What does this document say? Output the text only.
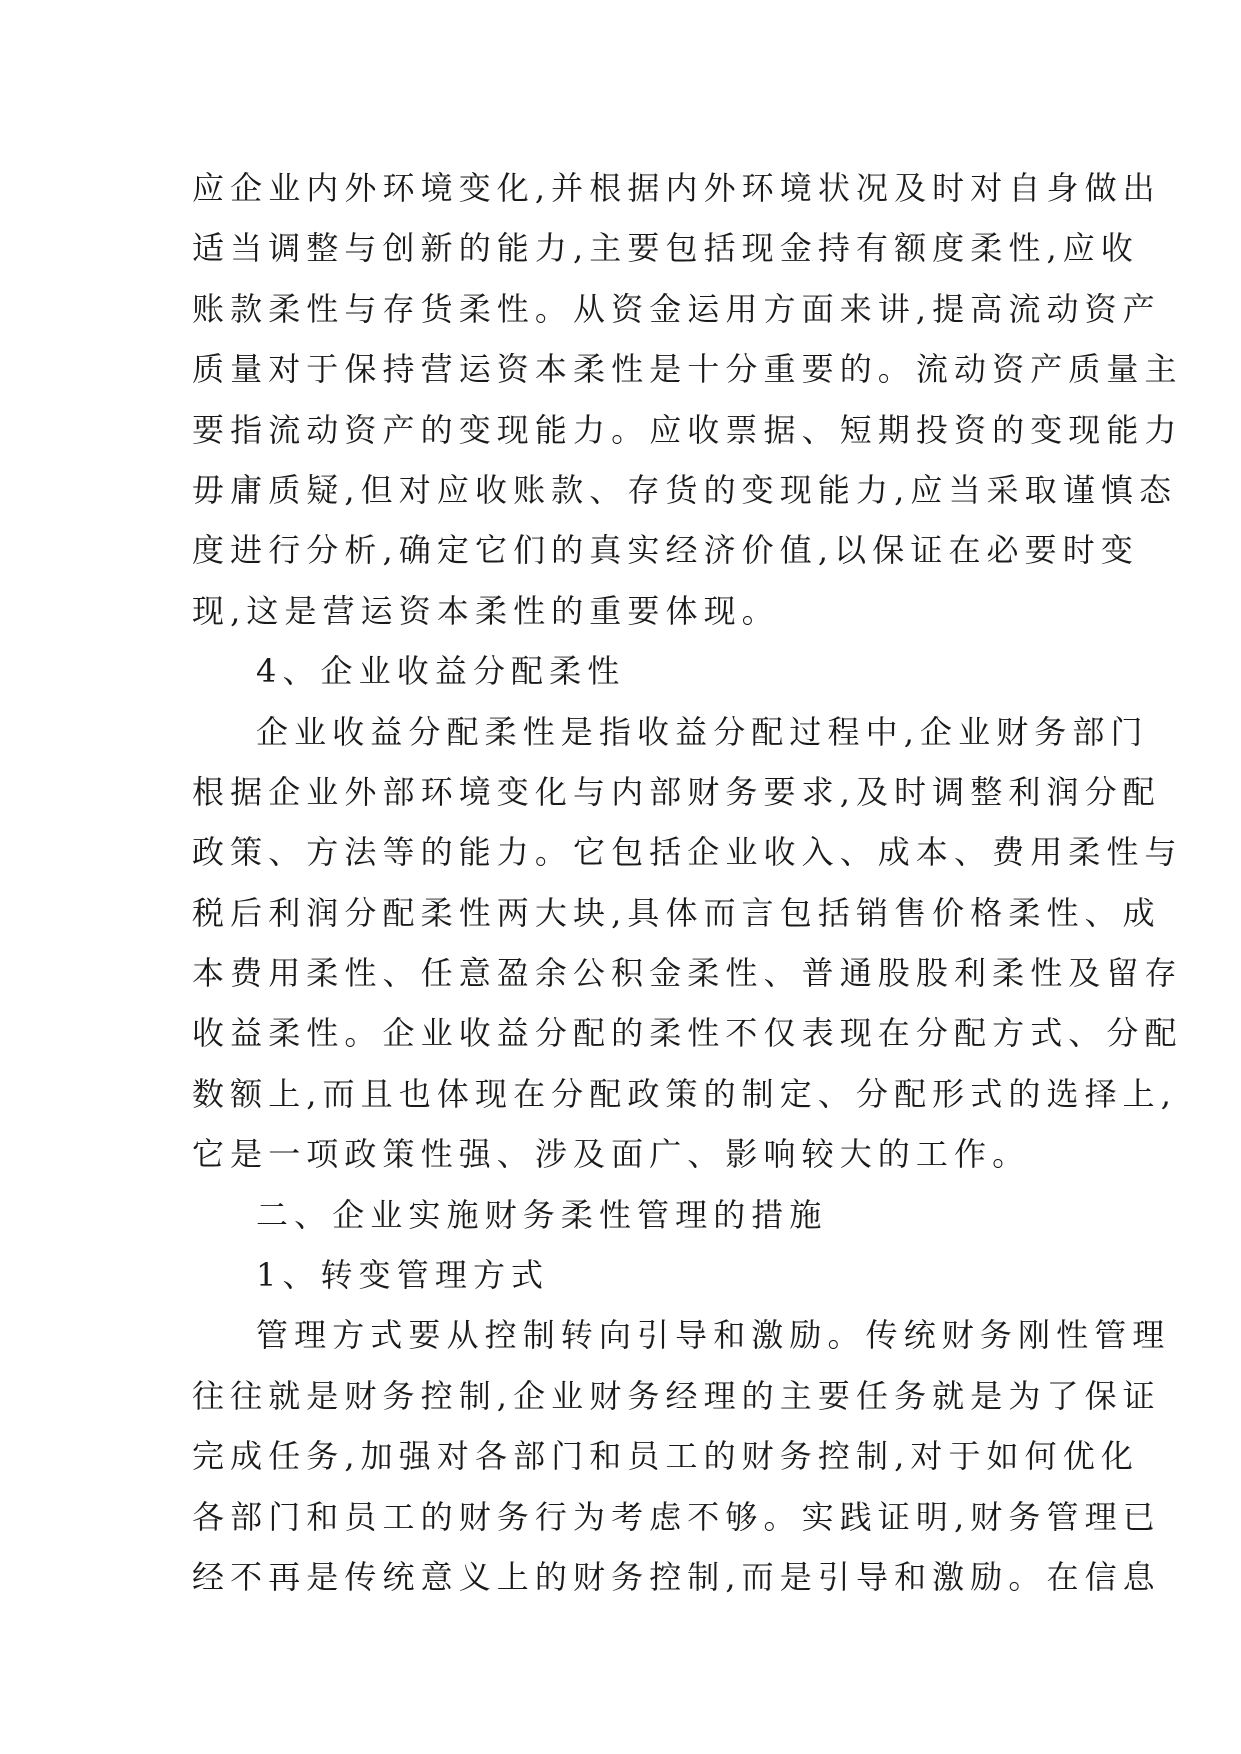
应企业内外环境变化,并根据内外环境状况及时对自身做出
适当调整与创新的能力,主要包括现金持有额度柔性,应收
账款柔性与存货柔性。从资金运用方面来讲,提高流动资产
质量对于保持营运资本柔性是十分重要的。流动资产质量主
要指流动资产的变现能力。应收票据、短期投资的变现能力
毋庸质疑,但对应收账款、存货的变现能力,应当采取谨慎态
度进行分析,确定它们的真实经济价值,以保证在必要时变
现,这是营运资本柔性的重要体现。
4、企业收益分配柔性
企业收益分配柔性是指收益分配过程中,企业财务部门
根据企业外部环境变化与内部财务要求,及时调整利润分配
政策、方法等的能力。它包括企业收入、成本、费用柔性与
税后利润分配柔性两大块,具体而言包括销售价格柔性、成
本费用柔性、任意盈余公积金柔性、普通股股利柔性及留存
收益柔性。企业收益分配的柔性不仅表现在分配方式、分配
数额上,而且也体现在分配政策的制定、分配形式的选择上,
它是一项政策性强、涉及面广、影响较大的工作。
二、企业实施财务柔性管理的措施
1、转变管理方式
管理方式要从控制转向引导和激励。传统财务刚性管理
往往就是财务控制,企业财务经理的主要任务就是为了保证
完成任务,加强对各部门和员工的财务控制,对于如何优化
各部门和员工的财务行为考虑不够。实践证明,财务管理已
经不再是传统意义上的财务控制,而是引导和激励。在信息
